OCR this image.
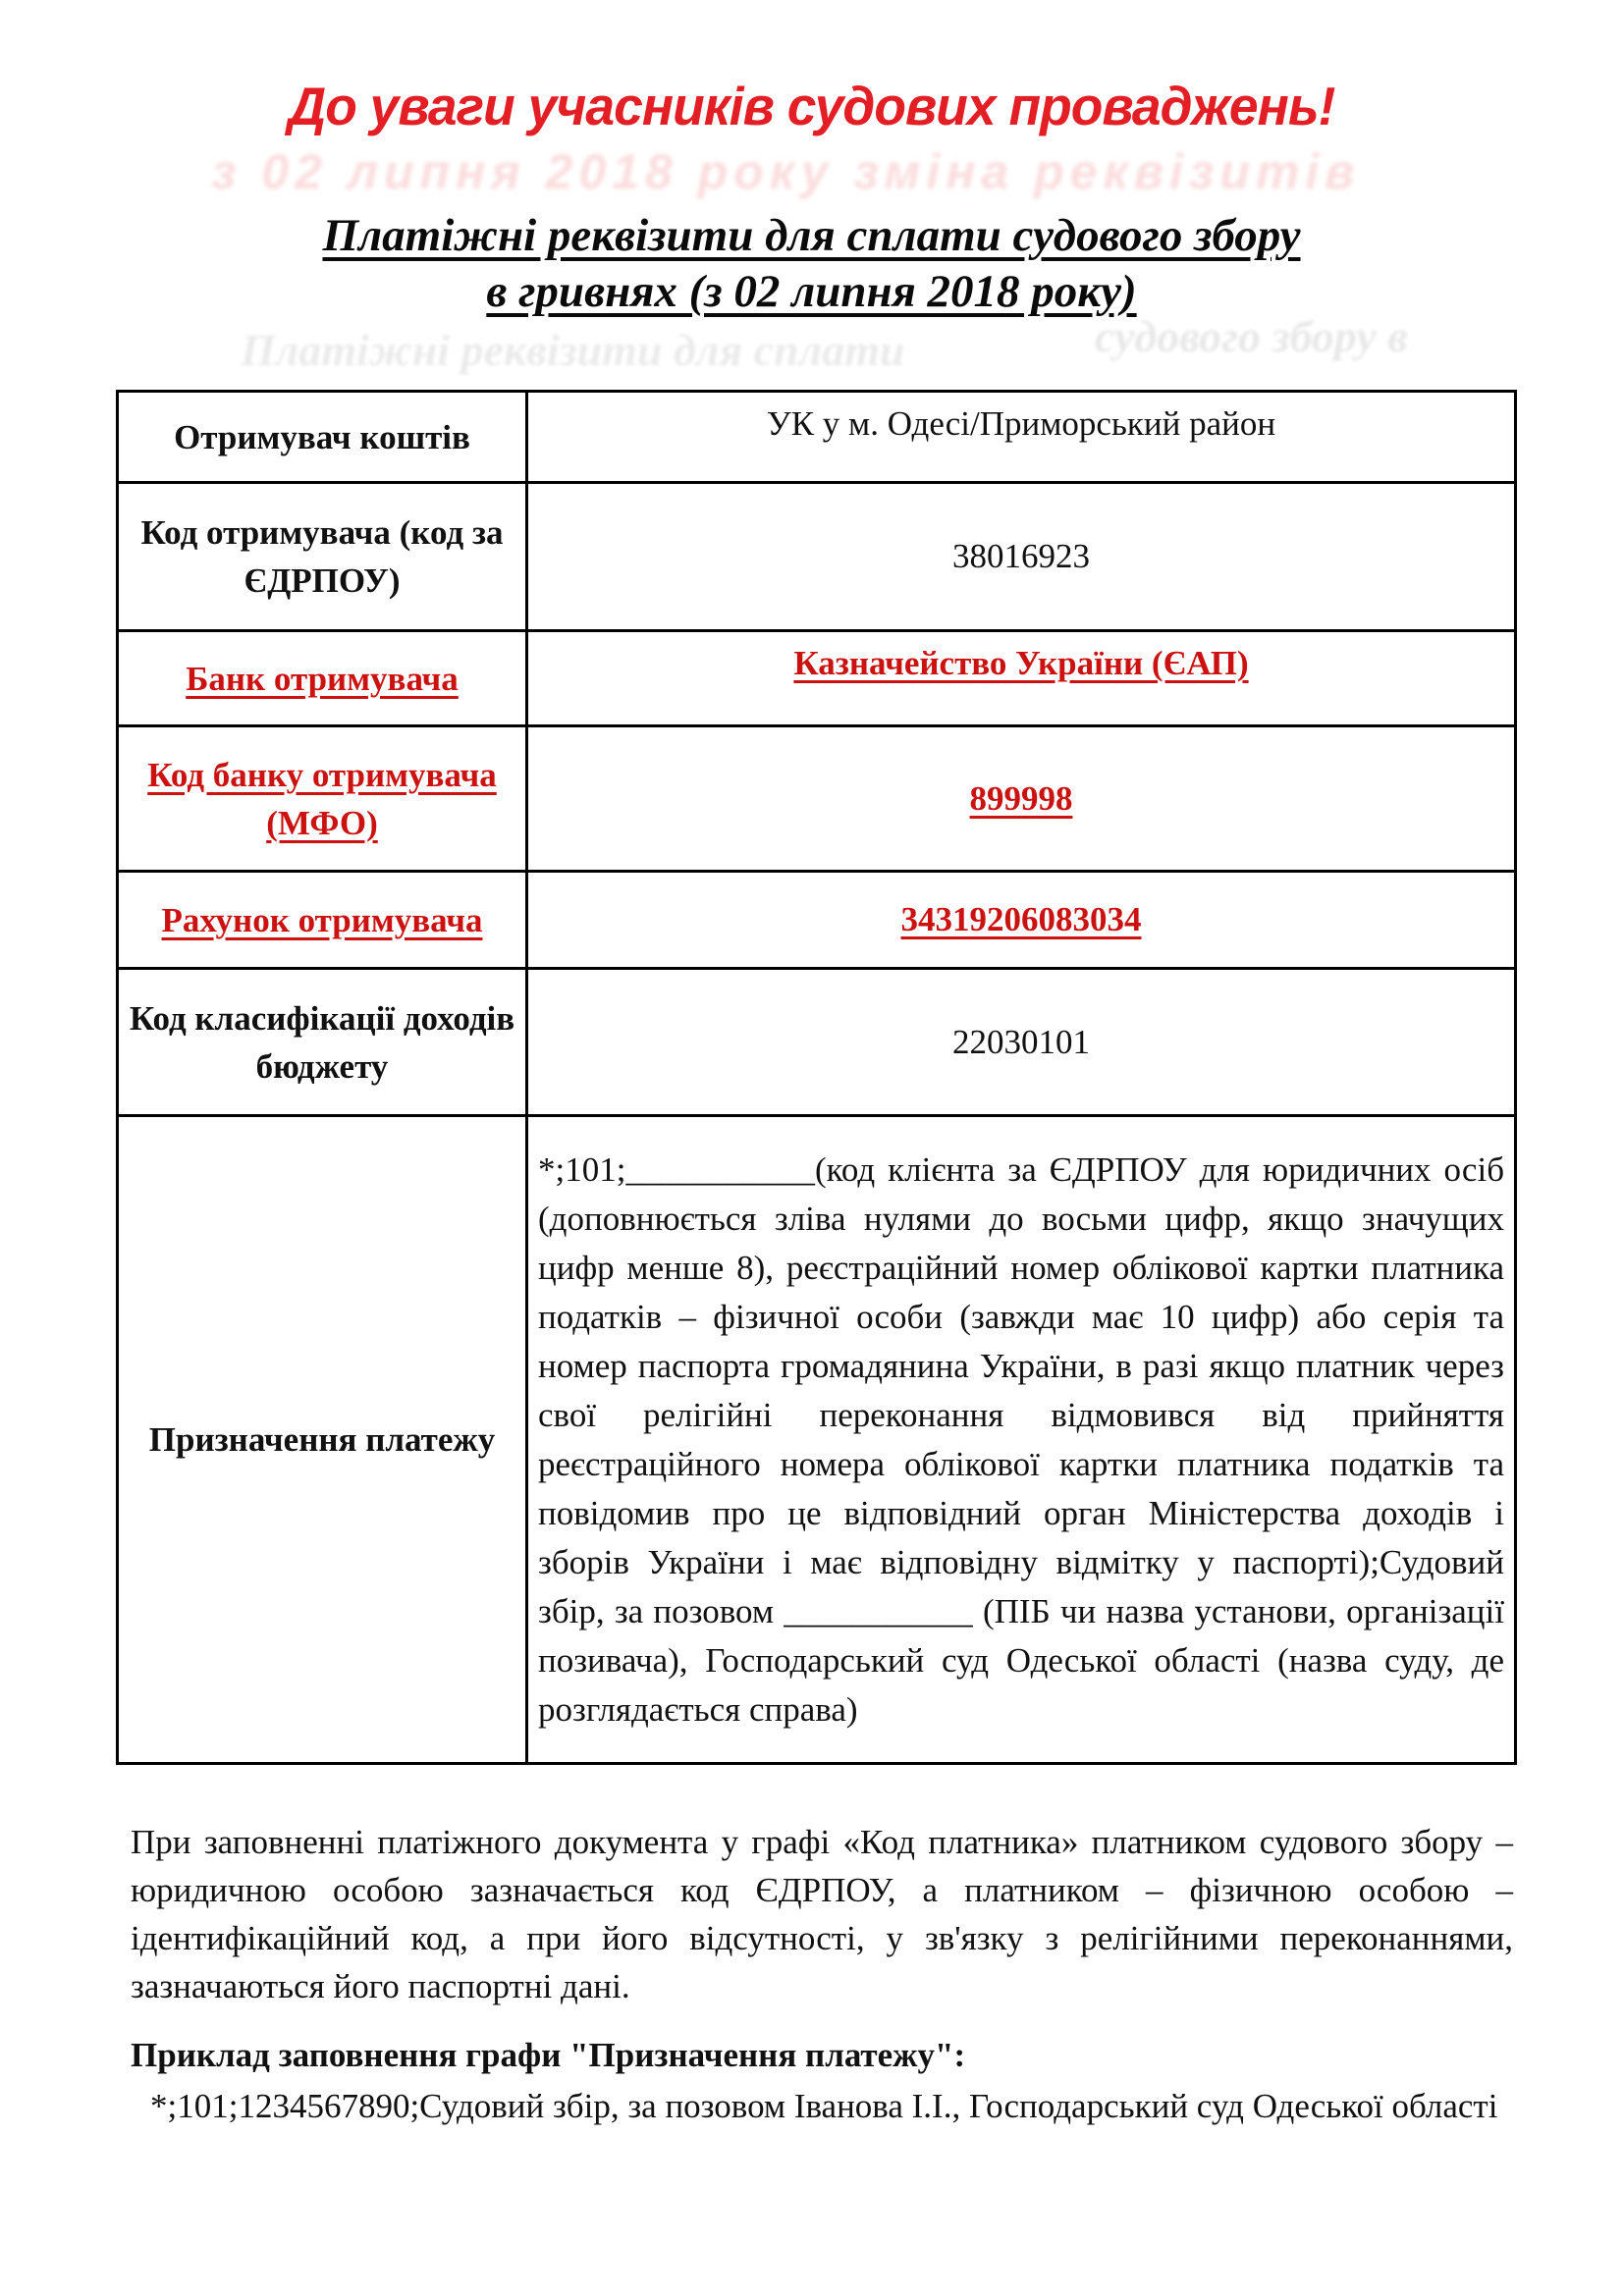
До уваги учасників судових проваджень!
з 02 липня 2018 року зміна реквізитів
Платіжні реквізити для сплати	судового збору в
Платіжні реквізити для сплати судового збору
в гривнях (з 02 липня 2018 року)
Отримувач коштів	УК у м. Одесі/Приморський район
Код отримувача (код за ЄДРПОУ)	38016923
Банк отримувача	Казначейство України (ЄАП)
Код банку отримувача (МФО)	899998
Рахунок отримувача	34319206083034
Код класифікації доходів бюджету	22030101
Призначення платежу	*;101;___________(код клієнта за ЄДРПОУ для юридичних осіб (доповнюється зліва нулями до восьми цифр, якщо значущих цифр менше 8), реєстраційний номер облікової картки платника податків – фізичної особи (завжди має 10 цифр) або серія та номер паспорта громадянина України, в разі якщо платник через свої релігійні переконання відмовився від прийняття реєстраційного номера облікової картки платника податків та повідомив про це відповідний орган Міністерства доходів і зборів України і має відповідну відмітку у паспорті);Судовий збір, за позовом ___________ (ПІБ чи назва установи, організації позивача), Господарський суд Одеської області (назва суду, де розглядається справа)
При заповненні платіжного документа у графі «Код платника» платником судового збору – юридичною особою зазначається код ЄДРПОУ, а платником – фізичною особою – ідентифікаційний код, а при його відсутності, у зв'язку з релігійними переконаннями, зазначаються його паспортні дані.
Приклад заповнення графи "Призначення платежу":
*;101;1234567890;Судовий збір, за позовом Іванова І.І., Господарський суд Одеської області
